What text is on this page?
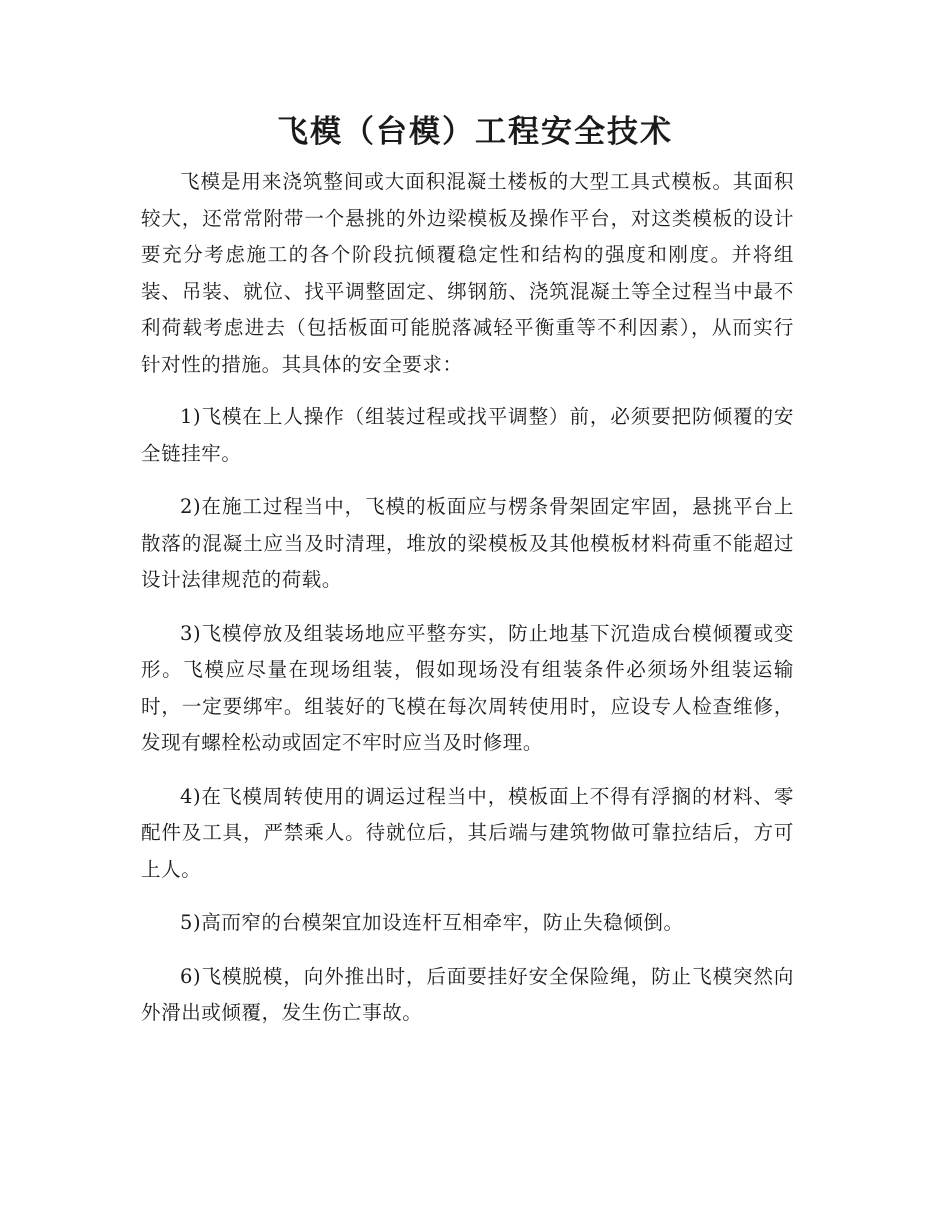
飞模（台模）工程安全技术

飞模是用来浇筑整间或大面积混凝土楼板的大型工具式模板。其面积较大，还常常附带一个悬挑的外边梁模板及操作平台，对这类模板的设计要充分考虑施工的各个阶段抗倾覆稳定性和结构的强度和刚度。并将组装、吊装、就位、找平调整固定、绑钢筋、浇筑混凝土等全过程当中最不利荷载考虑进去（包括板面可能脱落减轻平衡重等不利因素），从而实行针对性的措施。其具体的安全要求：

1)飞模在上人操作（组装过程或找平调整）前，必须要把防倾覆的安全链挂牢。

2)在施工过程当中，飞模的板面应与楞条骨架固定牢固，悬挑平台上散落的混凝土应当及时清理，堆放的梁模板及其他模板材料荷重不能超过设计法律规范的荷载。

3)飞模停放及组装场地应平整夯实，防止地基下沉造成台模倾覆或变形。飞模应尽量在现场组装，假如现场没有组装条件必须场外组装运输时，一定要绑牢。组装好的飞模在每次周转使用时，应设专人检查维修，发现有螺栓松动或固定不牢时应当及时修理。

4)在飞模周转使用的调运过程当中，模板面上不得有浮搁的材料、零配件及工具，严禁乘人。待就位后，其后端与建筑物做可靠拉结后，方可上人。

5)高而窄的台模架宜加设连杆互相牵牢，防止失稳倾倒。

6)飞模脱模，向外推出时，后面要挂好安全保险绳，防止飞模突然向外滑出或倾覆，发生伤亡事故。
